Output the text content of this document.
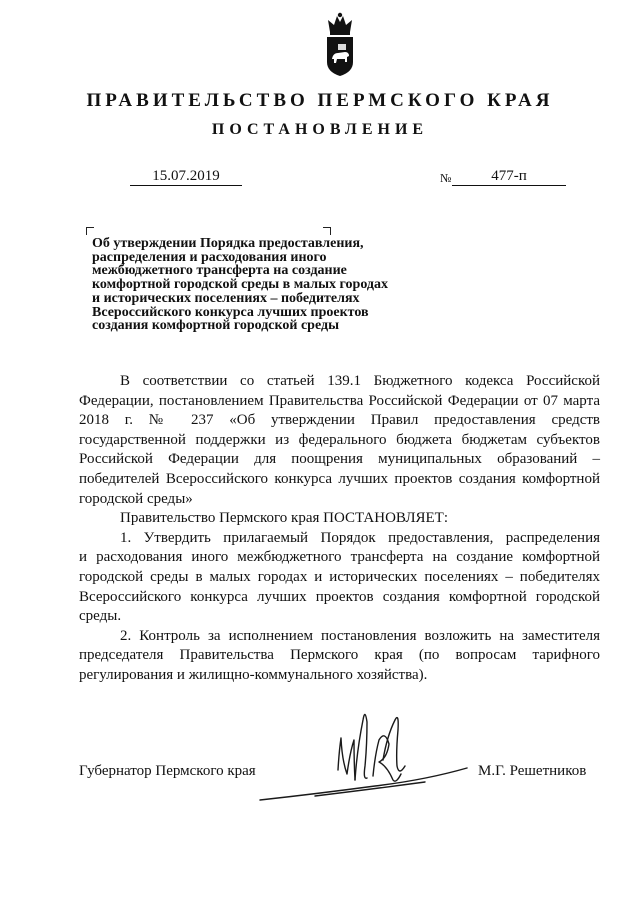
ПРАВИТЕЛЬСТВО ПЕРМСКОГО КРАЯ
ПОСТАНОВЛЕНИЕ
15.07.2019	№	477-п
Об утверждении Порядка предоставления,
распределения и расходования иного
межбюджетного трансферта на создание
комфортной городской среды в малых городах
и исторических поселениях – победителях
Всероссийского конкурса лучших проектов
создания комфортной городской среды
В соответствии со статьей 139.1 Бюджетного кодекса Российской
Федерации, постановлением Правительства Российской Федерации от 07 марта
2018 г. № 237 «Об утверждении Правил предоставления средств
государственной поддержки из федерального бюджета бюджетам субъектов
Российской Федерации для поощрения муниципальных образований –
победителей Всероссийского конкурса лучших проектов создания комфортной
городской среды»
Правительство Пермского края ПОСТАНОВЛЯЕТ:
1. Утвердить прилагаемый Порядок предоставления, распределения
и расходования иного межбюджетного трансферта на создание комфортной
городской среды в малых городах и исторических поселениях – победителях
Всероссийского конкурса лучших проектов создания комфортной городской
среды.
2. Контроль за исполнением постановления возложить на заместителя
председателя Правительства Пермского края (по вопросам тарифного
регулирования и жилищно-коммунального хозяйства).
Губернатор Пермского края	М.Г. Решетников
